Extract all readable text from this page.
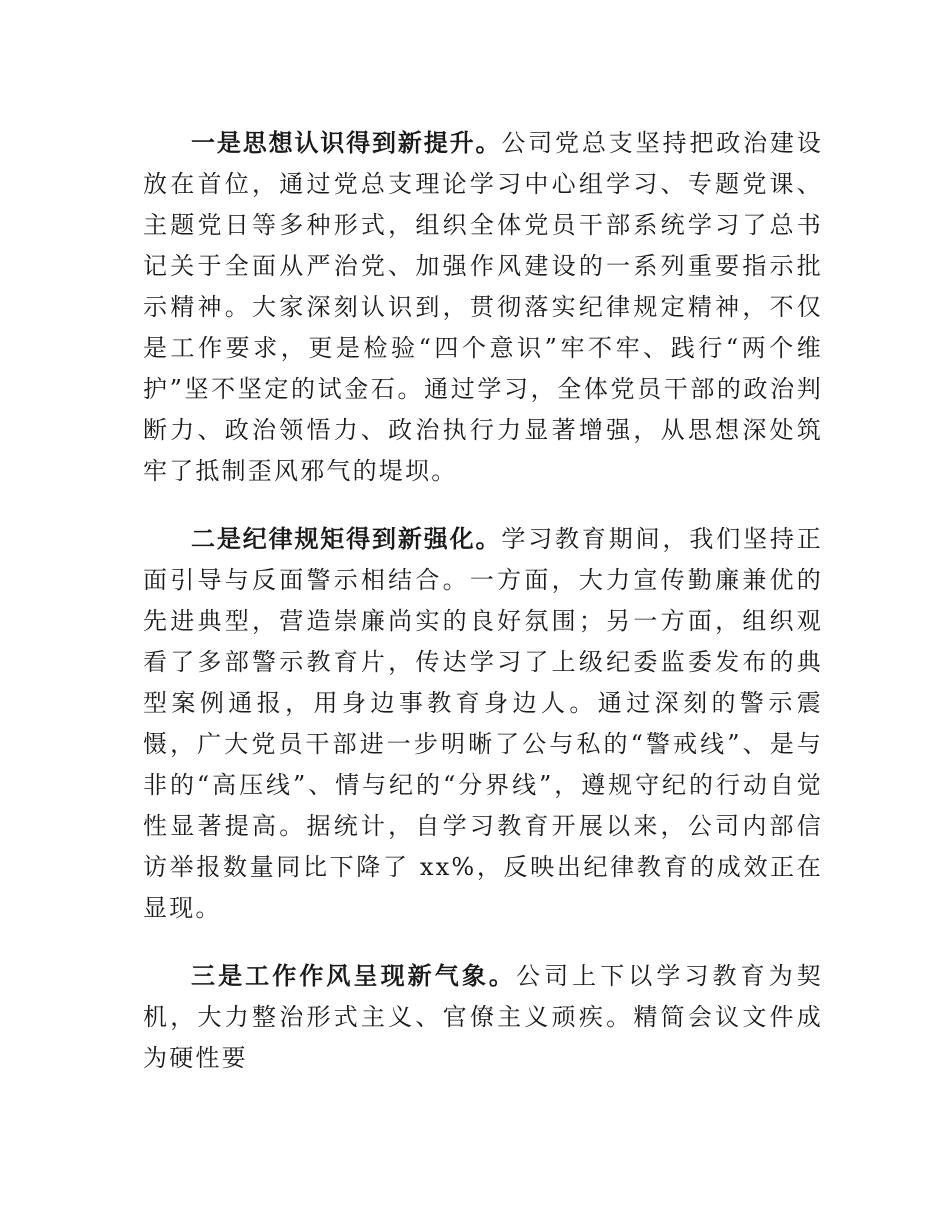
一是思想认识得到新提升。公司党总支坚持把政治建设放在首位，通过党总支理论学习中心组学习、专题党课、主题党日等多种形式，组织全体党员干部系统学习了总书记关于全面从严治党、加强作风建设的一系列重要指示批示精神。大家深刻认识到，贯彻落实纪律规定精神，不仅是工作要求，更是检验“四个意识”牢不牢、践行“两个维护”坚不坚定的试金石。通过学习，全体党员干部的政治判断力、政治领悟力、政治执行力显著增强，从思想深处筑牢了抵制歪风邪气的堤坝。

二是纪律规矩得到新强化。学习教育期间，我们坚持正面引导与反面警示相结合。一方面，大力宣传勤廉兼优的先进典型，营造崇廉尚实的良好氛围；另一方面，组织观看了多部警示教育片，传达学习了上级纪委监委发布的典型案例通报，用身边事教育身边人。通过深刻的警示震慑，广大党员干部进一步明晰了公与私的“警戒线”、是与非的“高压线”、情与纪的“分界线”，遵规守纪的行动自觉性显著提高。据统计，自学习教育开展以来，公司内部信访举报数量同比下降了 xx%，反映出纪律教育的成效正在显现。

三是工作作风呈现新气象。公司上下以学习教育为契机，大力整治形式主义、官僚主义顽疾。精简会议文件成为硬性要
